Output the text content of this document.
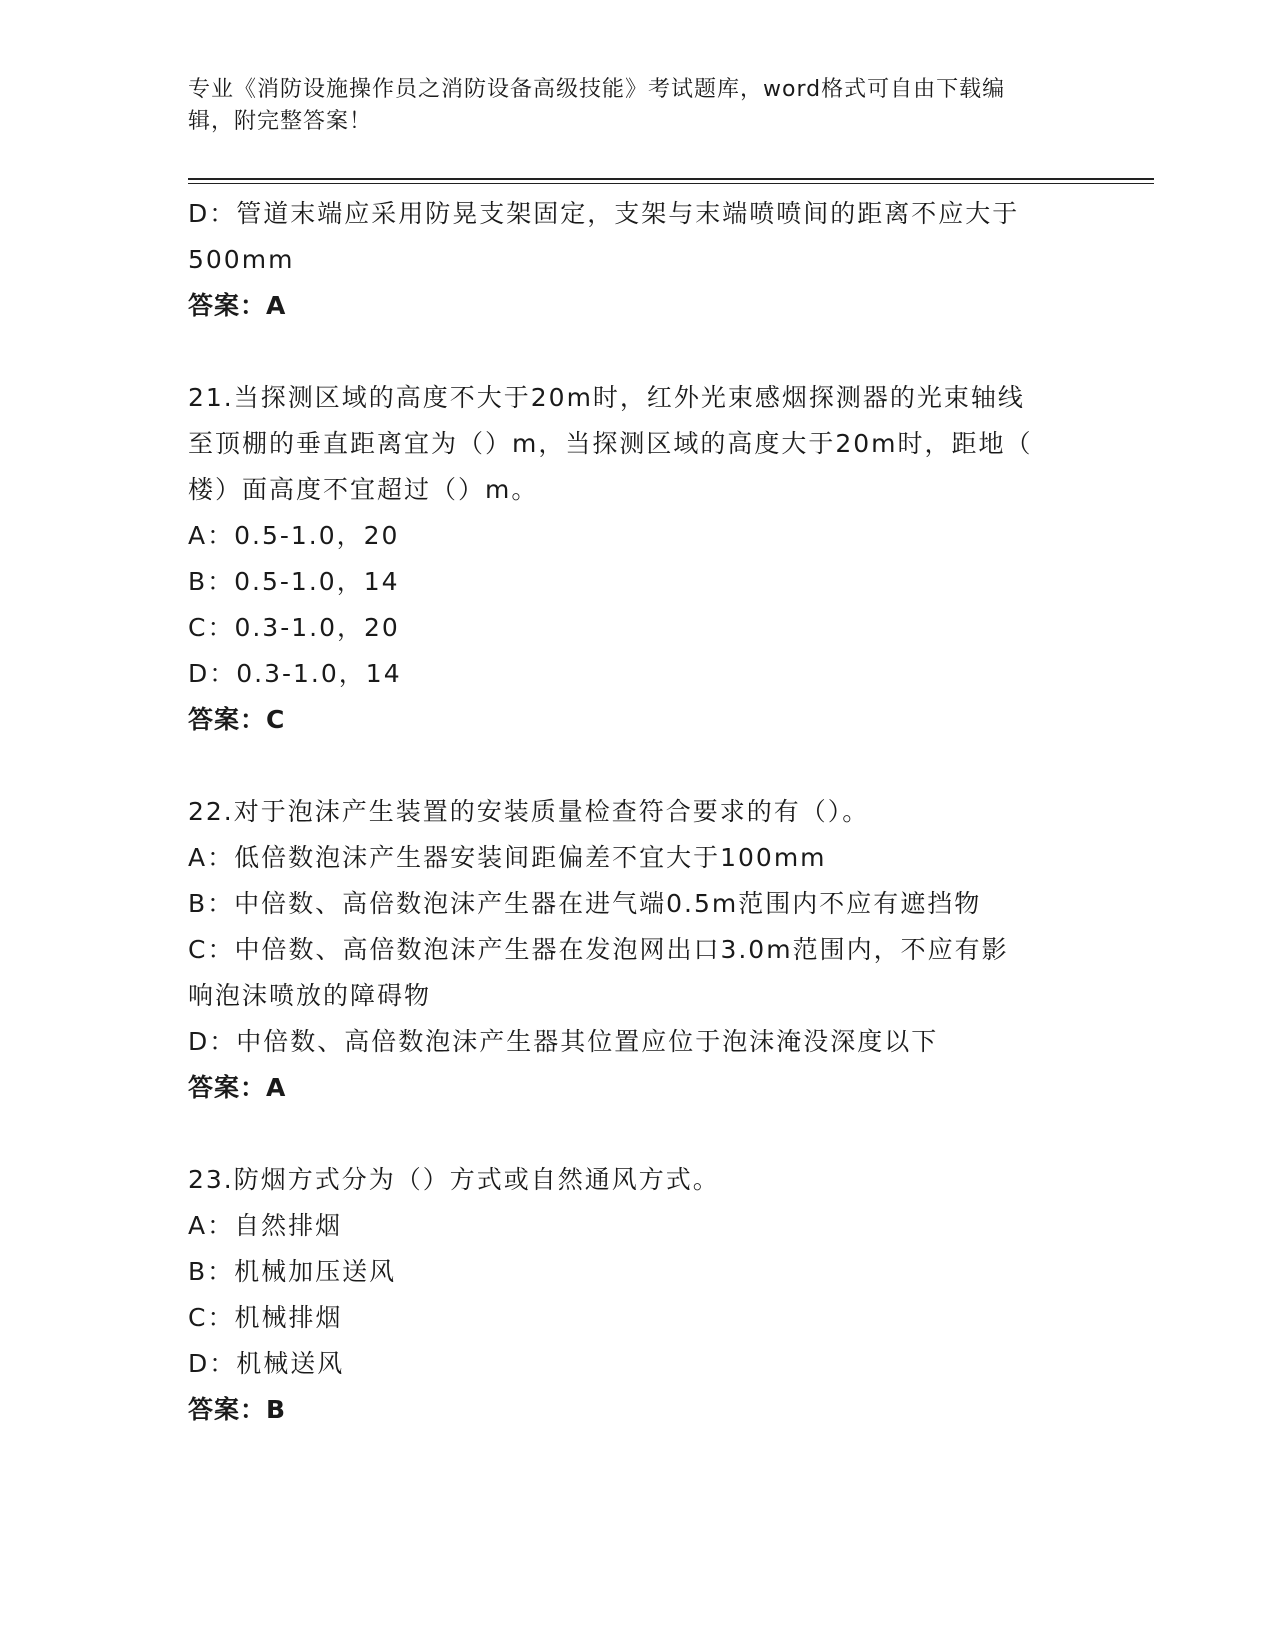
专业《消防设施操作员之消防设备高级技能》考试题库，word格式可自由下载编
辑，附完整答案！
D：管道末端应采用防晃支架固定，支架与末端喷喷间的距离不应大于
500mm
答案：A
21.当探测区域的高度不大于20m时，红外光束感烟探测器的光束轴线
至顶棚的垂直距离宜为（）m，当探测区域的高度大于20m时，距地（
楼）面高度不宜超过（）m。
A：0.5-1.0，20
B：0.5-1.0，14
C：0.3-1.0，20
D：0.3-1.0，14
答案：C
22.对于泡沫产生装置的安装质量检查符合要求的有（）。
A：低倍数泡沫产生器安装间距偏差不宜大于100mm
B：中倍数、高倍数泡沫产生器在进气端0.5m范围内不应有遮挡物
C：中倍数、高倍数泡沫产生器在发泡网出口3.0m范围内，不应有影
响泡沫喷放的障碍物
D：中倍数、高倍数泡沫产生器其位置应位于泡沫淹没深度以下
答案：A
23.防烟方式分为（）方式或自然通风方式。
A：自然排烟
B：机械加压送风
C：机械排烟
D：机械送风
答案：B
